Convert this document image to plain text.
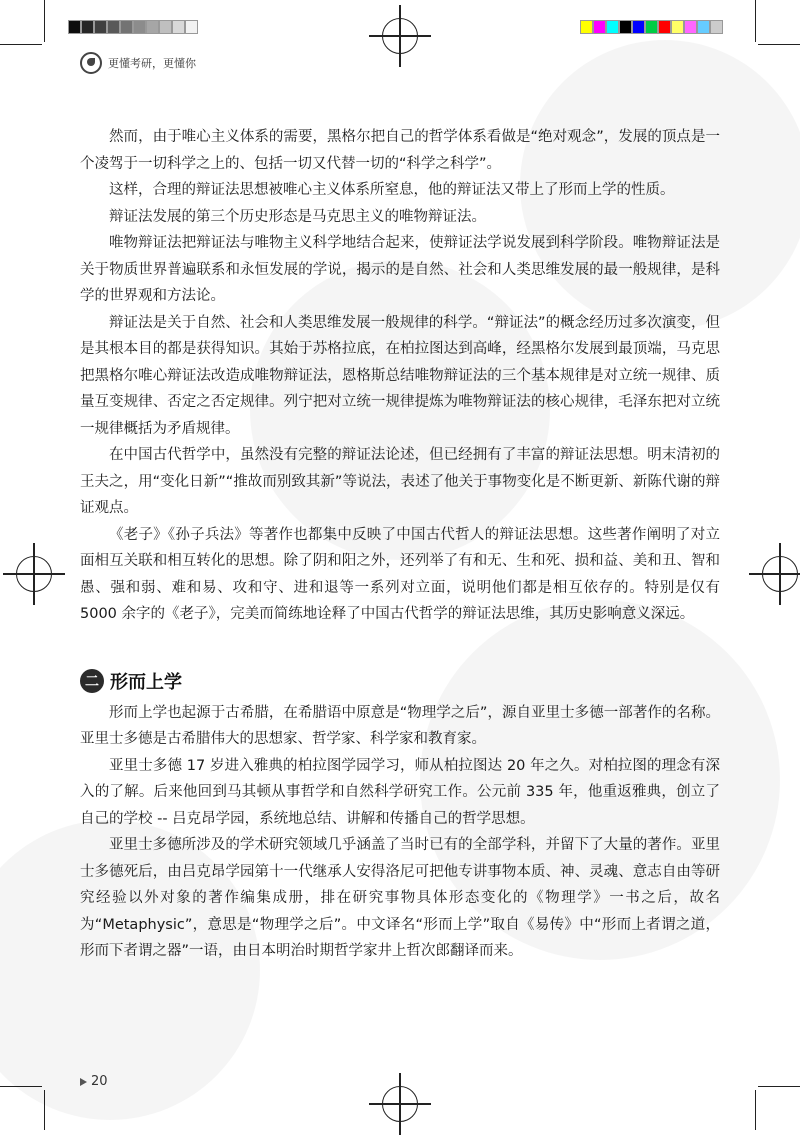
更懂考研，更懂你

然而，由于唯心主义体系的需要，黑格尔把自己的哲学体系看做是“绝对观念”，发展的顶点是一个凌驾于一切科学之上的、包括一切又代替一切的“科学之科学”。

这样，合理的辩证法思想被唯心主义体系所窒息，他的辩证法又带上了形而上学的性质。

辩证法发展的第三个历史形态是马克思主义的唯物辩证法。

唯物辩证法把辩证法与唯物主义科学地结合起来，使辩证法学说发展到科学阶段。唯物辩证法是关于物质世界普遍联系和永恒发展的学说，揭示的是自然、社会和人类思维发展的最一般规律，是科学的世界观和方法论。

辩证法是关于自然、社会和人类思维发展一般规律的科学。“辩证法”的概念经历过多次演变，但是其根本目的都是获得知识。其始于苏格拉底，在柏拉图达到高峰，经黑格尔发展到最顶端，马克思把黑格尔唯心辩证法改造成唯物辩证法，恩格斯总结唯物辩证法的三个基本规律是对立统一规律、质量互变规律、否定之否定规律。列宁把对立统一规律提炼为唯物辩证法的核心规律，毛泽东把对立统一规律概括为矛盾规律。

在中国古代哲学中，虽然没有完整的辩证法论述，但已经拥有了丰富的辩证法思想。明末清初的王夫之，用“变化日新”“推故而别致其新”等说法，表述了他关于事物变化是不断更新、新陈代谢的辩证观点。

《老子》《孙子兵法》等著作也都集中反映了中国古代哲人的辩证法思想。这些著作阐明了对立面相互关联和相互转化的思想。除了阴和阳之外，还列举了有和无、生和死、损和益、美和丑、智和愚、强和弱、难和易、攻和守、进和退等一系列对立面，说明他们都是相互依存的。特别是仅有 5000 余字的《老子》，完美而简练地诠释了中国古代哲学的辩证法思维，其历史影响意义深远。

二 形而上学

形而上学也起源于古希腊，在希腊语中原意是“物理学之后”，源自亚里士多德一部著作的名称。亚里士多德是古希腊伟大的思想家、哲学家、科学家和教育家。

亚里士多德 17 岁进入雅典的柏拉图学园学习，师从柏拉图达 20 年之久。对柏拉图的理念有深入的了解。后来他回到马其顿从事哲学和自然科学研究工作。公元前 335 年，他重返雅典，创立了自己的学校 -- 吕克昂学园，系统地总结、讲解和传播自己的哲学思想。

亚里士多德所涉及的学术研究领域几乎涵盖了当时已有的全部学科，并留下了大量的著作。亚里士多德死后，由吕克昂学园第十一代继承人安得洛尼可把他专讲事物本质、神、灵魂、意志自由等研究经验以外对象的著作编集成册，排在研究事物具体形态变化的《物理学》一书之后，故名为“Metaphysic”，意思是“物理学之后”。中文译名“形而上学”取自《易传》中“形而上者谓之道，形而下者谓之器”一语，由日本明治时期哲学家井上哲次郎翻译而来。

20
